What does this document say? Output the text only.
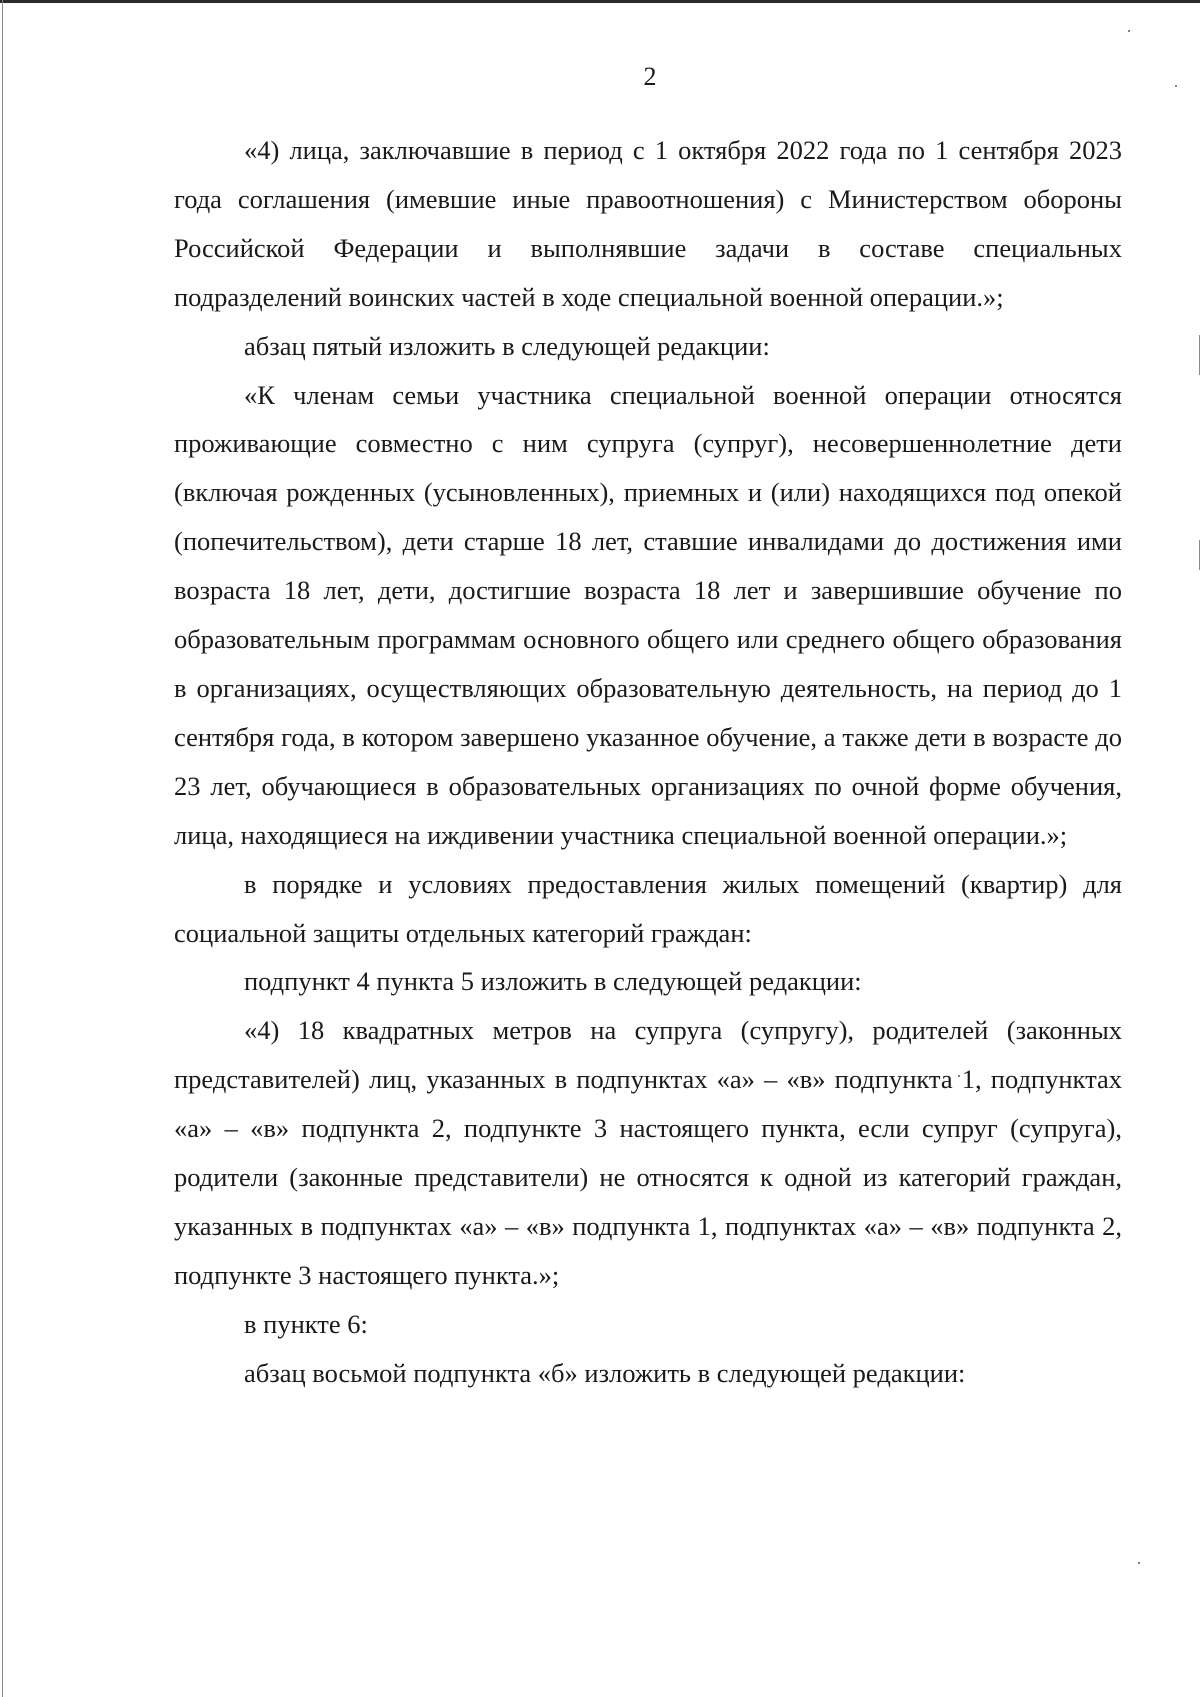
2

«4) лица, заключавшие в период с 1 октября 2022 года по 1 сентября 2023 года соглашения (имевшие иные правоотношения) с Министерством обороны Российской Федерации и выполнявшие задачи в составе специальных подразделений воинских частей в ходе специальной военной операции.»;

абзац пятый изложить в следующей редакции:

«К членам семьи участника специальной военной операции относятся проживающие совместно с ним супруга (супруг), несовершеннолетние дети (включая рожденных (усыновленных), приемных и (или) находящихся под опекой (попечительством), дети старше 18 лет, ставшие инвалидами до достижения ими возраста 18 лет, дети, достигшие возраста 18 лет и завершившие обучение по образовательным программам основного общего или среднего общего образования в организациях, осуществляющих образовательную деятельность, на период до 1 сентября года, в котором завершено указанное обучение, а также дети в возрасте до 23 лет, обучающиеся в образовательных организациях по очной форме обучения, лица, находящиеся на иждивении участника специальной военной операции.»;

в порядке и условиях предоставления жилых помещений (квартир) для социальной защиты отдельных категорий граждан:

подпункт 4 пункта 5 изложить в следующей редакции:

«4) 18 квадратных метров на супруга (супругу), родителей (законных представителей) лиц, указанных в подпунктах «а» – «в» подпункта 1, подпунктах «а» – «в» подпункта 2, подпункте 3 настоящего пункта, если супруг (супруга), родители (законные представители) не относятся к одной из категорий граждан, указанных в подпунктах «а» – «в» подпункта 1, подпунктах «а» – «в» подпункта 2, подпункте 3 настоящего пункта.»;

в пункте 6:

абзац восьмой подпункта «б» изложить в следующей редакции:
